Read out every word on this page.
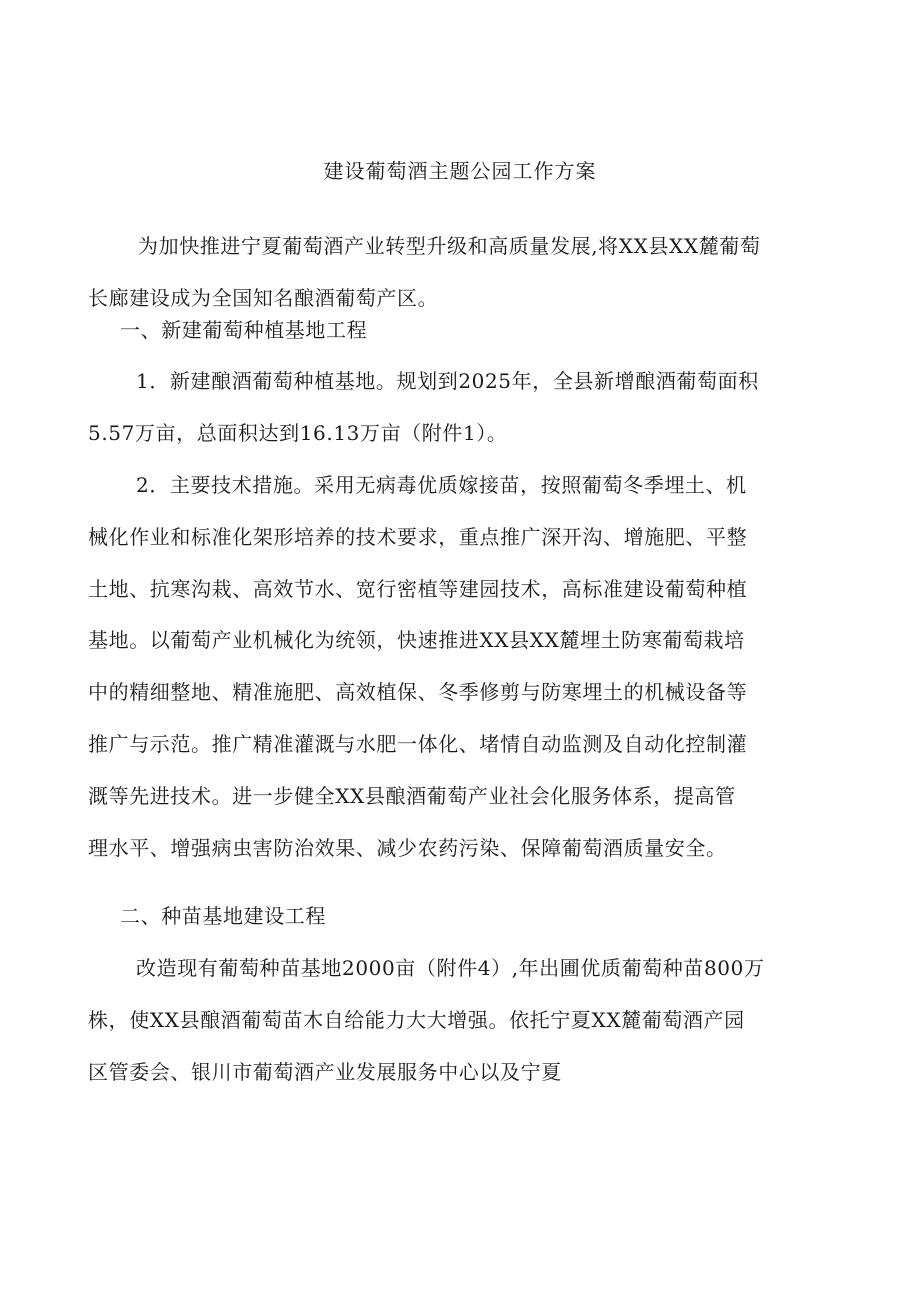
建设葡萄酒主题公园工作方案
为加快推进宁夏葡萄酒产业转型升级和高质量发展,将XX县XX麓葡萄
长廊建设成为全国知名酿酒葡萄产区。
一、新建葡萄种植基地工程
1．新建酿酒葡萄种植基地。规划到2025年，全县新增酿酒葡萄面积
5.57万亩，总面积达到16.13万亩（附件1）。
2．主要技术措施。采用无病毒优质嫁接苗，按照葡萄冬季埋土、机
械化作业和标准化架形培养的技术要求，重点推广深开沟、增施肥、平整
土地、抗寒沟栽、高效节水、宽行密植等建园技术，高标准建设葡萄种植
基地。以葡萄产业机械化为统领，快速推进XX县XX麓埋土防寒葡萄栽培
中的精细整地、精准施肥、高效植保、冬季修剪与防寒埋土的机械设备等
推广与示范。推广精准灌溉与水肥一体化、堵情自动监测及自动化控制灌
溉等先进技术。进一步健全XX县酿酒葡萄产业社会化服务体系，提高管
理水平、增强病虫害防治效果、减少农药污染、保障葡萄酒质量安全。
二、种苗基地建设工程
改造现有葡萄种苗基地2000亩（附件4）,年出圃优质葡萄种苗800万
株，使XX县酿酒葡萄苗木自给能力大大增强。依托宁夏XX麓葡萄酒产园
区管委会、银川市葡萄酒产业发展服务中心以及宁夏
